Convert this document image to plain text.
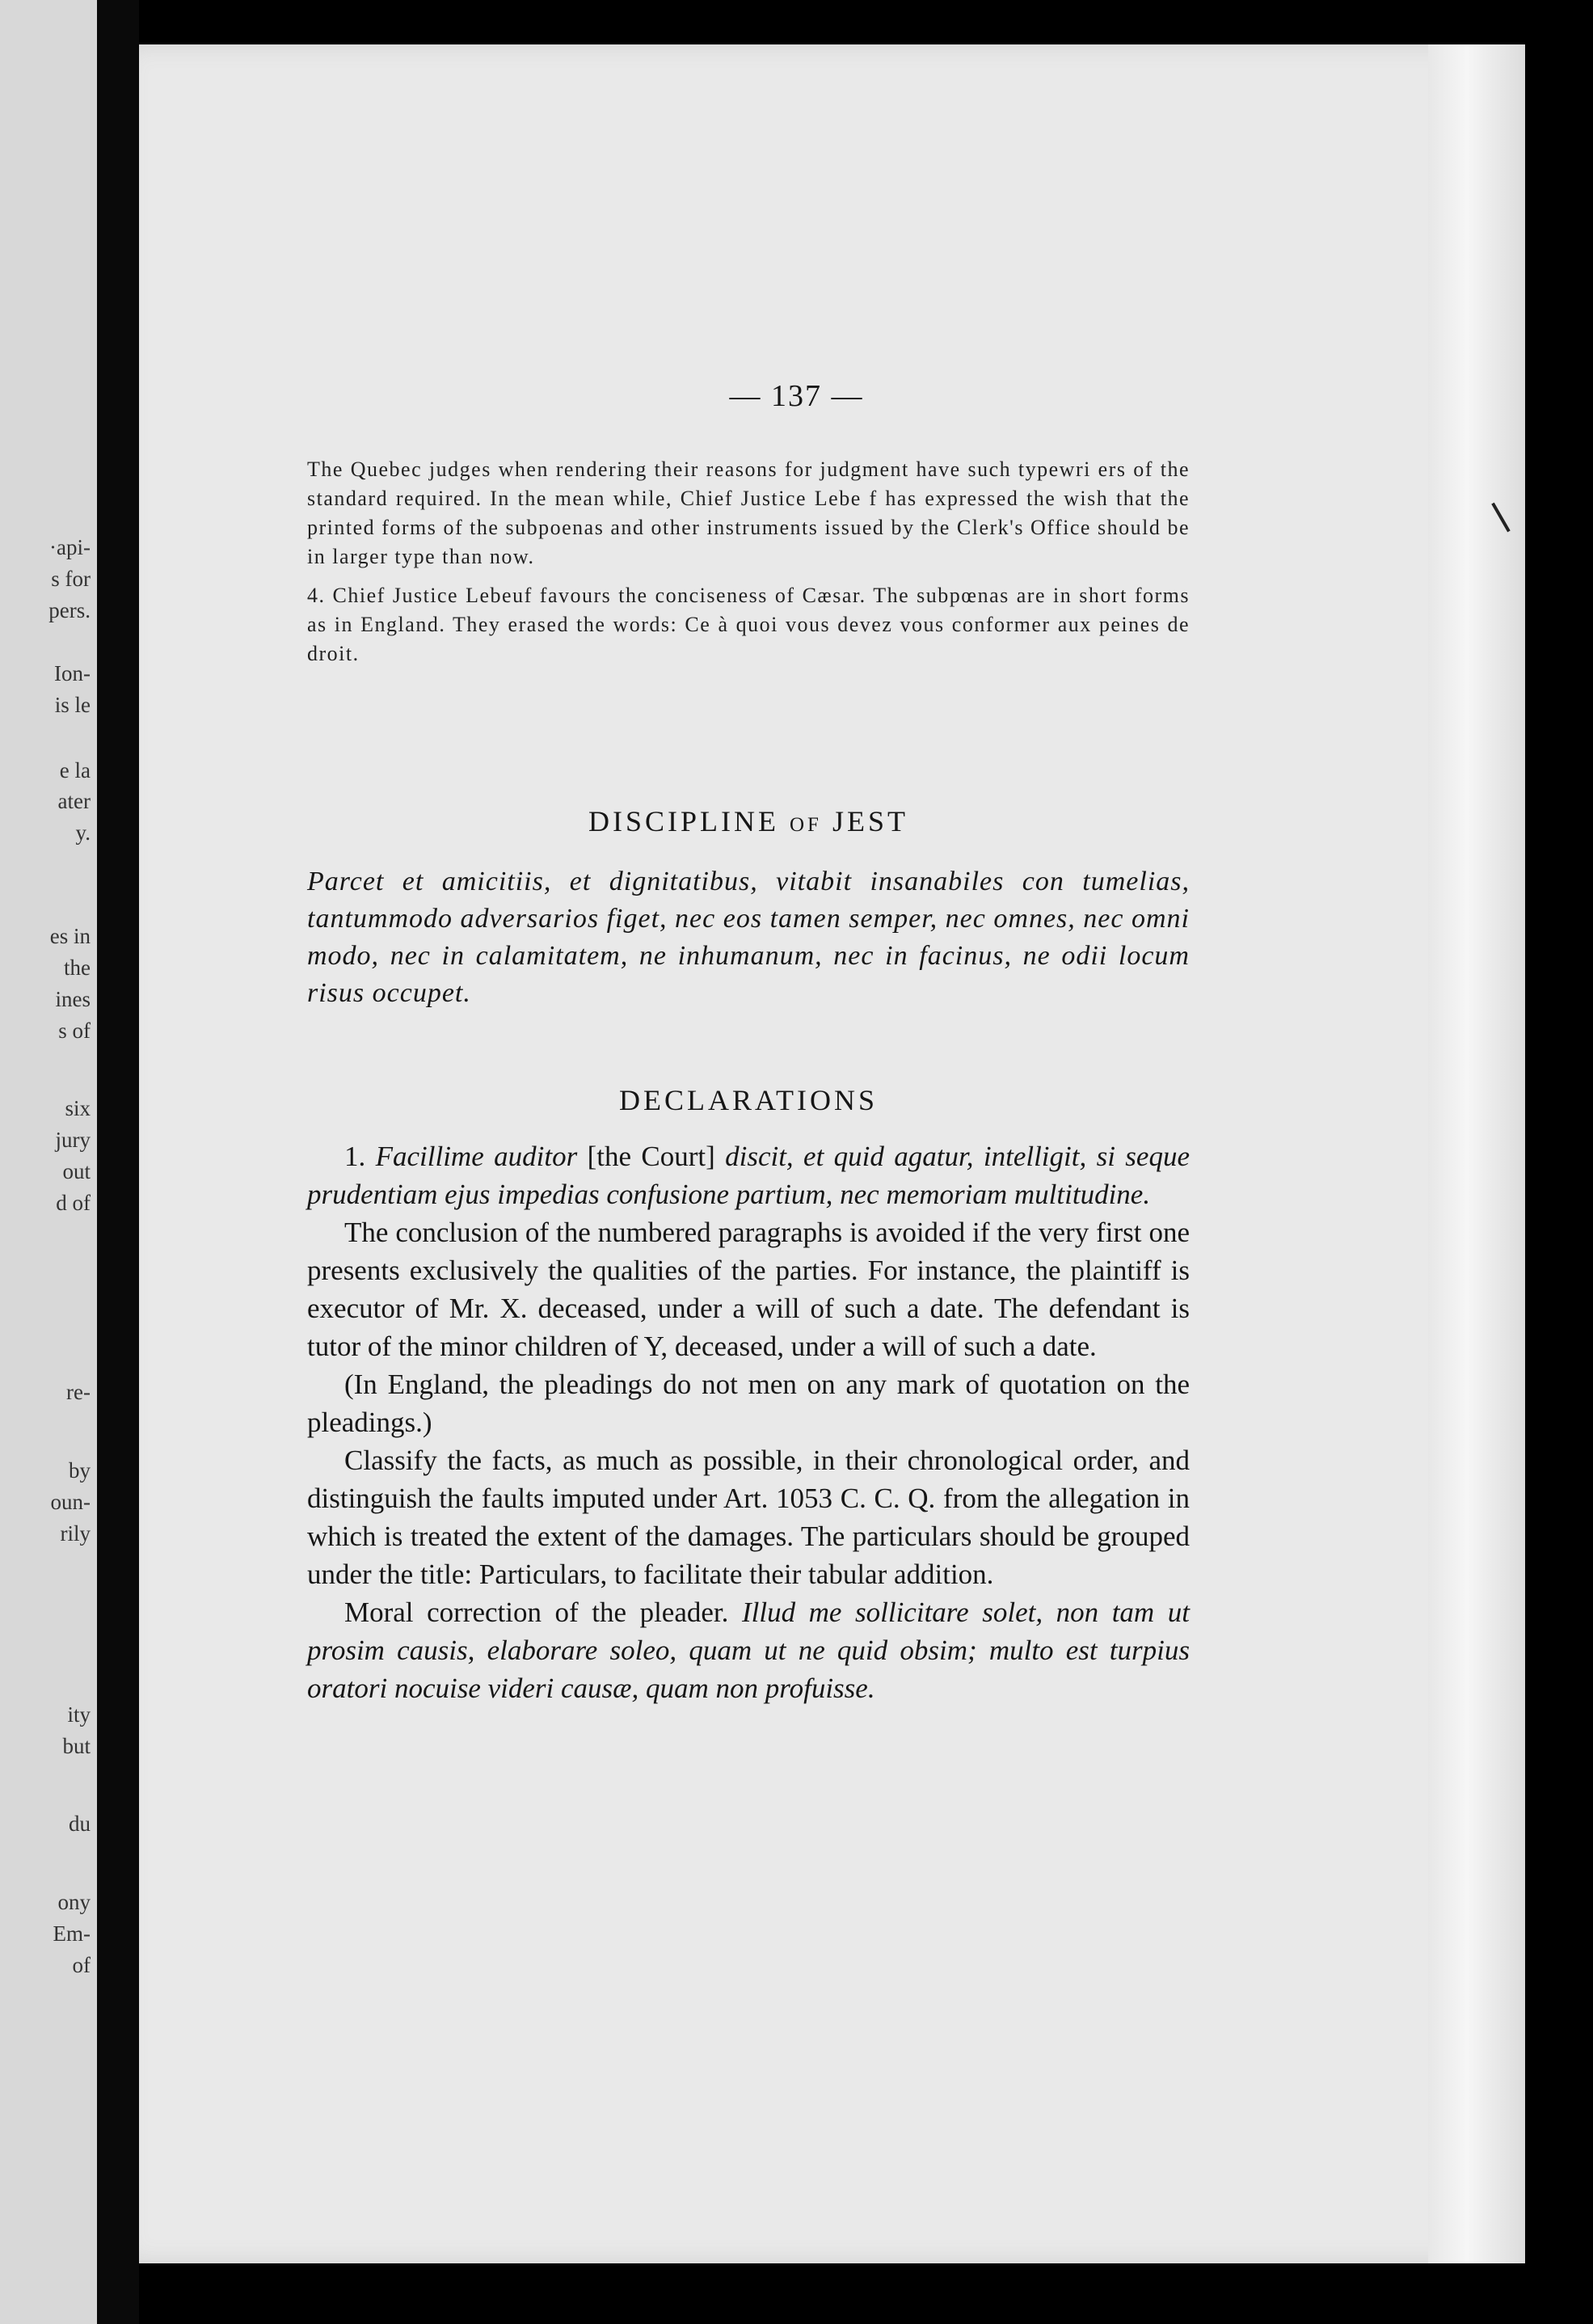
·api-
s for
pers.
Ion-
is le
e la
ater
y.
es in
the
ines
s of
six
jury
out
d of
re-
by
oun-
rily
ity
but
du
ony
Em-
of
— 137 —

The Quebec judges when rendering their reasons for judgment have such typewri ers of the standard required. In the mean while, Chief Justice Lebe f has expressed the wish that the printed forms of the subpoenas and other instruments issued by the Clerk's Office should be in larger type than now.

4. Chief Justice Lebeuf favours the conciseness of Cæsar. The subpœnas are in short forms as in England. They erased the words: Ce à quoi vous devez vous conformer aux peines de droit.

DISCIPLINE OF JEST

Parcet et amicitiis, et dignitatibus, vitabit insanabiles con tumelias, tantummodo adversarios figet, nec eos tamen semper, nec omnes, nec omni modo, nec in calamitatem, ne inhumanum, nec in facinus, ne odii locum risus occupet.

DECLARATIONS

1. Facillime auditor [the Court] discit, et quid agatur, intelligit, si seque prudentiam ejus impedias confusione partium, nec memoriam multitudine.

The conclusion of the numbered paragraphs is avoided if the very first one presents exclusively the qualities of the parties. For instance, the plaintiff is executor of Mr. X. deceased, under a will of such a date. The defendant is tutor of the minor children of Y, deceased, under a will of such a date.

(In England, the pleadings do not men on any mark of quotation on the pleadings.)

Classify the facts, as much as possible, in their chronological order, and distinguish the faults imputed under Art. 1053 C. C. Q. from the allegation in which is treated the extent of the damages. The particulars should be grouped under the title: Particulars, to facilitate their tabular addition.

Moral correction of the pleader. Illud me sollicitare solet, non tam ut prosim causis, elaborare soleo, quam ut ne quid obsim; multo est turpius oratori nocuise videri causæ, quam non profuisse.
